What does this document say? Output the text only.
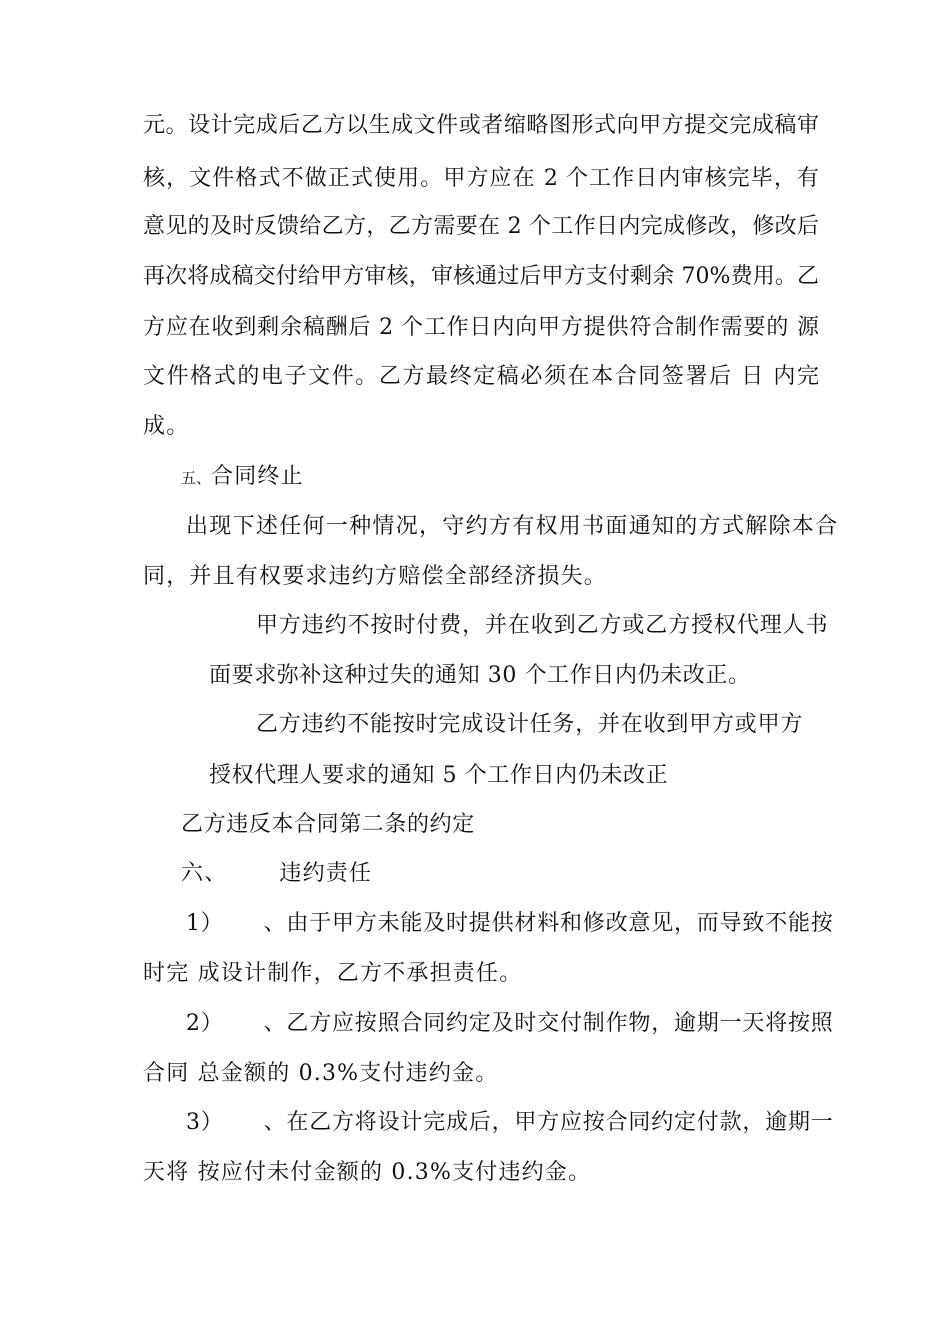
元。设计完成后乙方以生成文件或者缩略图形式向甲方提交完成稿审
核，文件格式不做正式使用。甲方应在 2 个工作日内审核完毕，有
意见的及时反馈给乙方，乙方需要在 2 个工作日内完成修改，修改后
再次将成稿交付给甲方审核，审核通过后甲方支付剩余 70%费用。乙
方应在收到剩余稿酬后 2 个工作日内向甲方提供符合制作需要的 源
文件格式的电子文件。乙方最终定稿必须在本合同签署后 日 内完
成。
五、合同终止
出现下述任何一种情况，守约方有权用书面通知的方式解除本合
同，并且有权要求违约方赔偿全部经济损失。
甲方违约不按时付费，并在收到乙方或乙方授权代理人书
面要求弥补这种过失的通知 30 个工作日内仍未改正。
乙方违约不能按时完成设计任务，并在收到甲方或甲方
授权代理人要求的通知 5 个工作日内仍未改正
乙方违反本合同第二条的约定
六、 违约责任
1） 、由于甲方未能及时提供材料和修改意见，而导致不能按
时完 成设计制作，乙方不承担责任。
2） 、乙方应按照合同约定及时交付制作物，逾期一天将按照
合同 总金额的 0.3%支付违约金。
3） 、在乙方将设计完成后，甲方应按合同约定付款，逾期一
天将 按应付未付金额的 0.3%支付违约金。
